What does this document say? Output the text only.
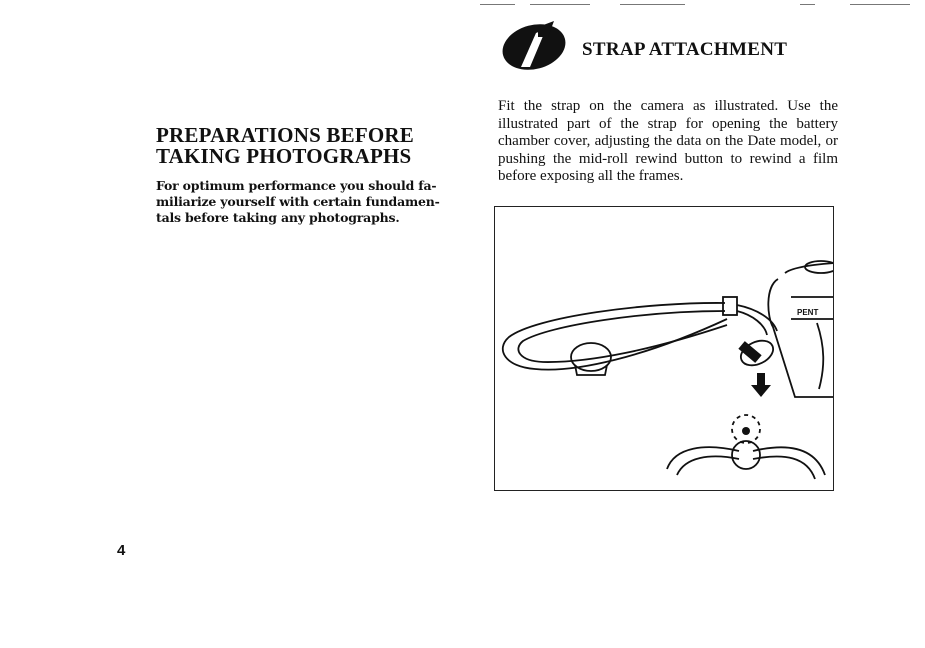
PREPARATIONS BEFORE
TAKING PHOTOGRAPHS
For optimum performance you should fa-
miliarize yourself with certain fundamen-
tals before taking any photographs.
4
STRAP ATTACHMENT
Fit the strap on the camera as illustrated. Use the illustrated part of the strap for opening the battery chamber cover, adjusting the data on the Date model, or pushing the mid-roll rewind button to rewind a film before exposing all the frames.
PENT
